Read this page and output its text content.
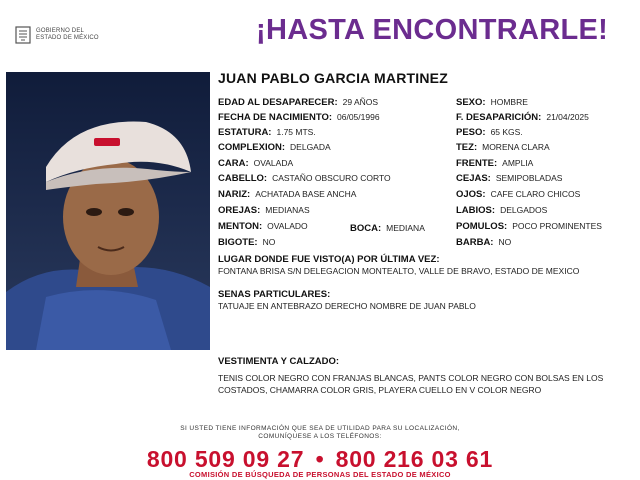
GOBIERNO DEL
ESTADO DE MÉXICO	¡HASTA ENCONTRARLE!
JUAN PABLO GARCIA MARTINEZ
EDAD AL DESAPARECER: 29 AÑOS
FECHA DE NACIMIENTO: 06/05/1996
ESTATURA: 1.75 MTS.
COMPLEXION: DELGADA
CARA: OVALADA
CABELLO: CASTAÑO OBSCURO CORTO
NARIZ: ACHATADA BASE ANCHA
OREJAS: MEDIANAS
MENTON: OVALADO	BOCA: MEDIANA
BIGOTE: NO
SEXO: HOMBRE
F. DESAPARICIÓN: 21/04/2025
PESO: 65 KGS.
TEZ: MORENA CLARA
FRENTE: AMPLIA
CEJAS: SEMIPOBLADAS
OJOS: CAFE CLARO CHICOS
LABIOS: DELGADOS
POMULOS: POCO PROMINENTES
BARBA: NO
LUGAR DONDE FUE VISTO(A) POR ÚLTIMA VEZ:
FONTANA BRISA S/N DELEGACION MONTEALTO, VALLE DE BRAVO, ESTADO DE MEXICO
SENAS PARTICULARES:
TATUAJE EN ANTEBRAZO DERECHO NOMBRE DE JUAN PABLO
VESTIMENTA Y CALZADO:
TENIS COLOR NEGRO CON FRANJAS BLANCAS, PANTS COLOR NEGRO CON BOLSAS EN LOS COSTADOS, CHAMARRA COLOR GRIS, PLAYERA CUELLO EN V COLOR NEGRO
SI USTED TIENE INFORMACIÓN QUE SEA DE UTILIDAD PARA SU LOCALIZACIÓN,
COMUNÍQUESE A LOS TELÉFONOS:
800 509 09 27 • 800 216 03 61
COMISIÓN DE BÚSQUEDA DE PERSONAS DEL ESTADO DE MÉXICO
